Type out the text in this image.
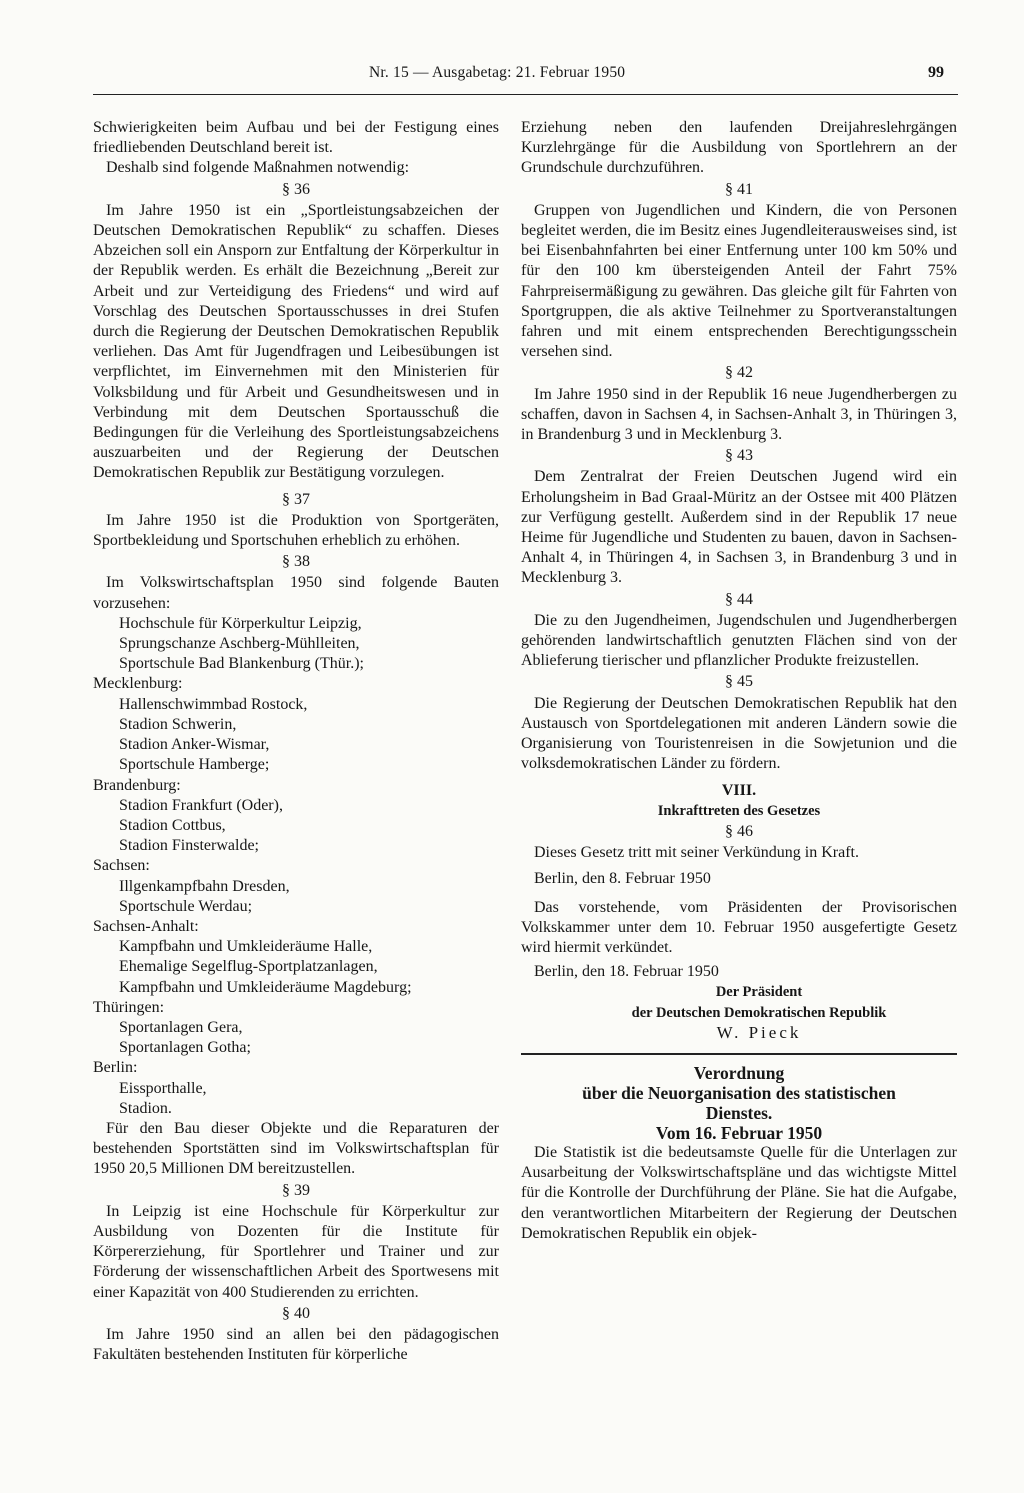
Nr. 15 — Ausgabetag: 21. Februar 1950	99

Schwierigkeiten beim Aufbau und bei der Festigung eines friedliebenden Deutschland bereit ist.

Deshalb sind folgende Maßnahmen notwendig:

§ 36

Im Jahre 1950 ist ein „Sportleistungsabzeichen der Deutschen Demokratischen Republik“ zu schaffen. Dieses Abzeichen soll ein Ansporn zur Entfaltung der Körperkultur in der Republik werden. Es erhält die Bezeichnung „Bereit zur Arbeit und zur Verteidigung des Friedens“ und wird auf Vorschlag des Deutschen Sportausschusses in drei Stufen durch die Regierung der Deutschen Demokratischen Republik verliehen. Das Amt für Jugendfragen und Leibesübungen ist verpflichtet, im Einvernehmen mit den Ministerien für Volksbildung und für Arbeit und Gesundheitswesen und in Verbindung mit dem Deutschen Sportausschuß die Bedingungen für die Verleihung des Sportleistungsabzeichens auszuarbeiten und der Regierung der Deutschen Demokratischen Republik zur Bestätigung vorzulegen.

§ 37

Im Jahre 1950 ist die Produktion von Sportgeräten, Sportbekleidung und Sportschuhen erheblich zu erhöhen.

§ 38

Im Volkswirtschaftsplan 1950 sind folgende Bauten vorzusehen:

Hochschule für Körperkultur Leipzig,
Sprungschanze Aschberg-Mühlleiten,
Sportschule Bad Blankenburg (Thür.);
Mecklenburg:
Hallenschwimmbad Rostock,
Stadion Schwerin,
Stadion Anker-Wismar,
Sportschule Hamberge;
Brandenburg:
Stadion Frankfurt (Oder),
Stadion Cottbus,
Stadion Finsterwalde;
Sachsen:
Illgenkampfbahn Dresden,
Sportschule Werdau;
Sachsen-Anhalt:
Kampfbahn und Umkleideräume Halle,
Ehemalige Segelflug-Sportplatzanlagen,
Kampfbahn und Umkleideräume Magdeburg;
Thüringen:
Sportanlagen Gera,
Sportanlagen Gotha;
Berlin:
Eissporthalle,
Stadion.

Für den Bau dieser Objekte und die Reparaturen der bestehenden Sportstätten sind im Volkswirtschaftsplan für 1950 20,5 Millionen DM bereitzustellen.

§ 39

In Leipzig ist eine Hochschule für Körperkultur zur Ausbildung von Dozenten für die Institute für Körpererziehung, für Sportlehrer und Trainer und zur Förderung der wissenschaftlichen Arbeit des Sportwesens mit einer Kapazität von 400 Studierenden zu errichten.

§ 40

Im Jahre 1950 sind an allen bei den pädagogischen Fakultäten bestehenden Instituten für körperliche

Erziehung neben den laufenden Dreijahreslehrgängen Kurzlehrgänge für die Ausbildung von Sportlehrern an der Grundschule durchzuführen.

§ 41

Gruppen von Jugendlichen und Kindern, die von Personen begleitet werden, die im Besitz eines Jugendleiterausweises sind, ist bei Eisenbahnfahrten bei einer Entfernung unter 100 km 50% und für den 100 km übersteigenden Anteil der Fahrt 75% Fahrpreisermäßigung zu gewähren. Das gleiche gilt für Fahrten von Sportgruppen, die als aktive Teilnehmer zu Sportveranstaltungen fahren und mit einem entsprechenden Berechtigungsschein versehen sind.

§ 42

Im Jahre 1950 sind in der Republik 16 neue Jugendherbergen zu schaffen, davon in Sachsen 4, in Sachsen-Anhalt 3, in Thüringen 3, in Brandenburg 3 und in Mecklenburg 3.

§ 43

Dem Zentralrat der Freien Deutschen Jugend wird ein Erholungsheim in Bad Graal-Müritz an der Ostsee mit 400 Plätzen zur Verfügung gestellt. Außerdem sind in der Republik 17 neue Heime für Jugendliche und Studenten zu bauen, davon in Sachsen-Anhalt 4, in Thüringen 4, in Sachsen 3, in Brandenburg 3 und in Mecklenburg 3.

§ 44

Die zu den Jugendheimen, Jugendschulen und Jugendherbergen gehörenden landwirtschaftlich genutzten Flächen sind von der Ablieferung tierischer und pflanzlicher Produkte freizustellen.

§ 45

Die Regierung der Deutschen Demokratischen Republik hat den Austausch von Sportdelegationen mit anderen Ländern sowie die Organisierung von Touristenreisen in die Sowjetunion und die volksdemokratischen Länder zu fördern.

VIII.
Inkrafttreten des Gesetzes
§ 46

Dieses Gesetz tritt mit seiner Verkündung in Kraft.

Berlin, den 8. Februar 1950

Das vorstehende, vom Präsidenten der Provisorischen Volkskammer unter dem 10. Februar 1950 ausgefertigte Gesetz wird hiermit verkündet.

Berlin, den 18. Februar 1950

Der Präsident
der Deutschen Demokratischen Republik
W. Pieck
Verordnung
über die Neuorganisation des statistischen Dienstes.
Vom 16. Februar 1950

Die Statistik ist die bedeutsamste Quelle für die Unterlagen zur Ausarbeitung der Volkswirtschaftspläne und das wichtigste Mittel für die Kontrolle der Durchführung der Pläne. Sie hat die Aufgabe, den verantwortlichen Mitarbeitern der Regierung der Deutschen Demokratischen Republik ein objek-
